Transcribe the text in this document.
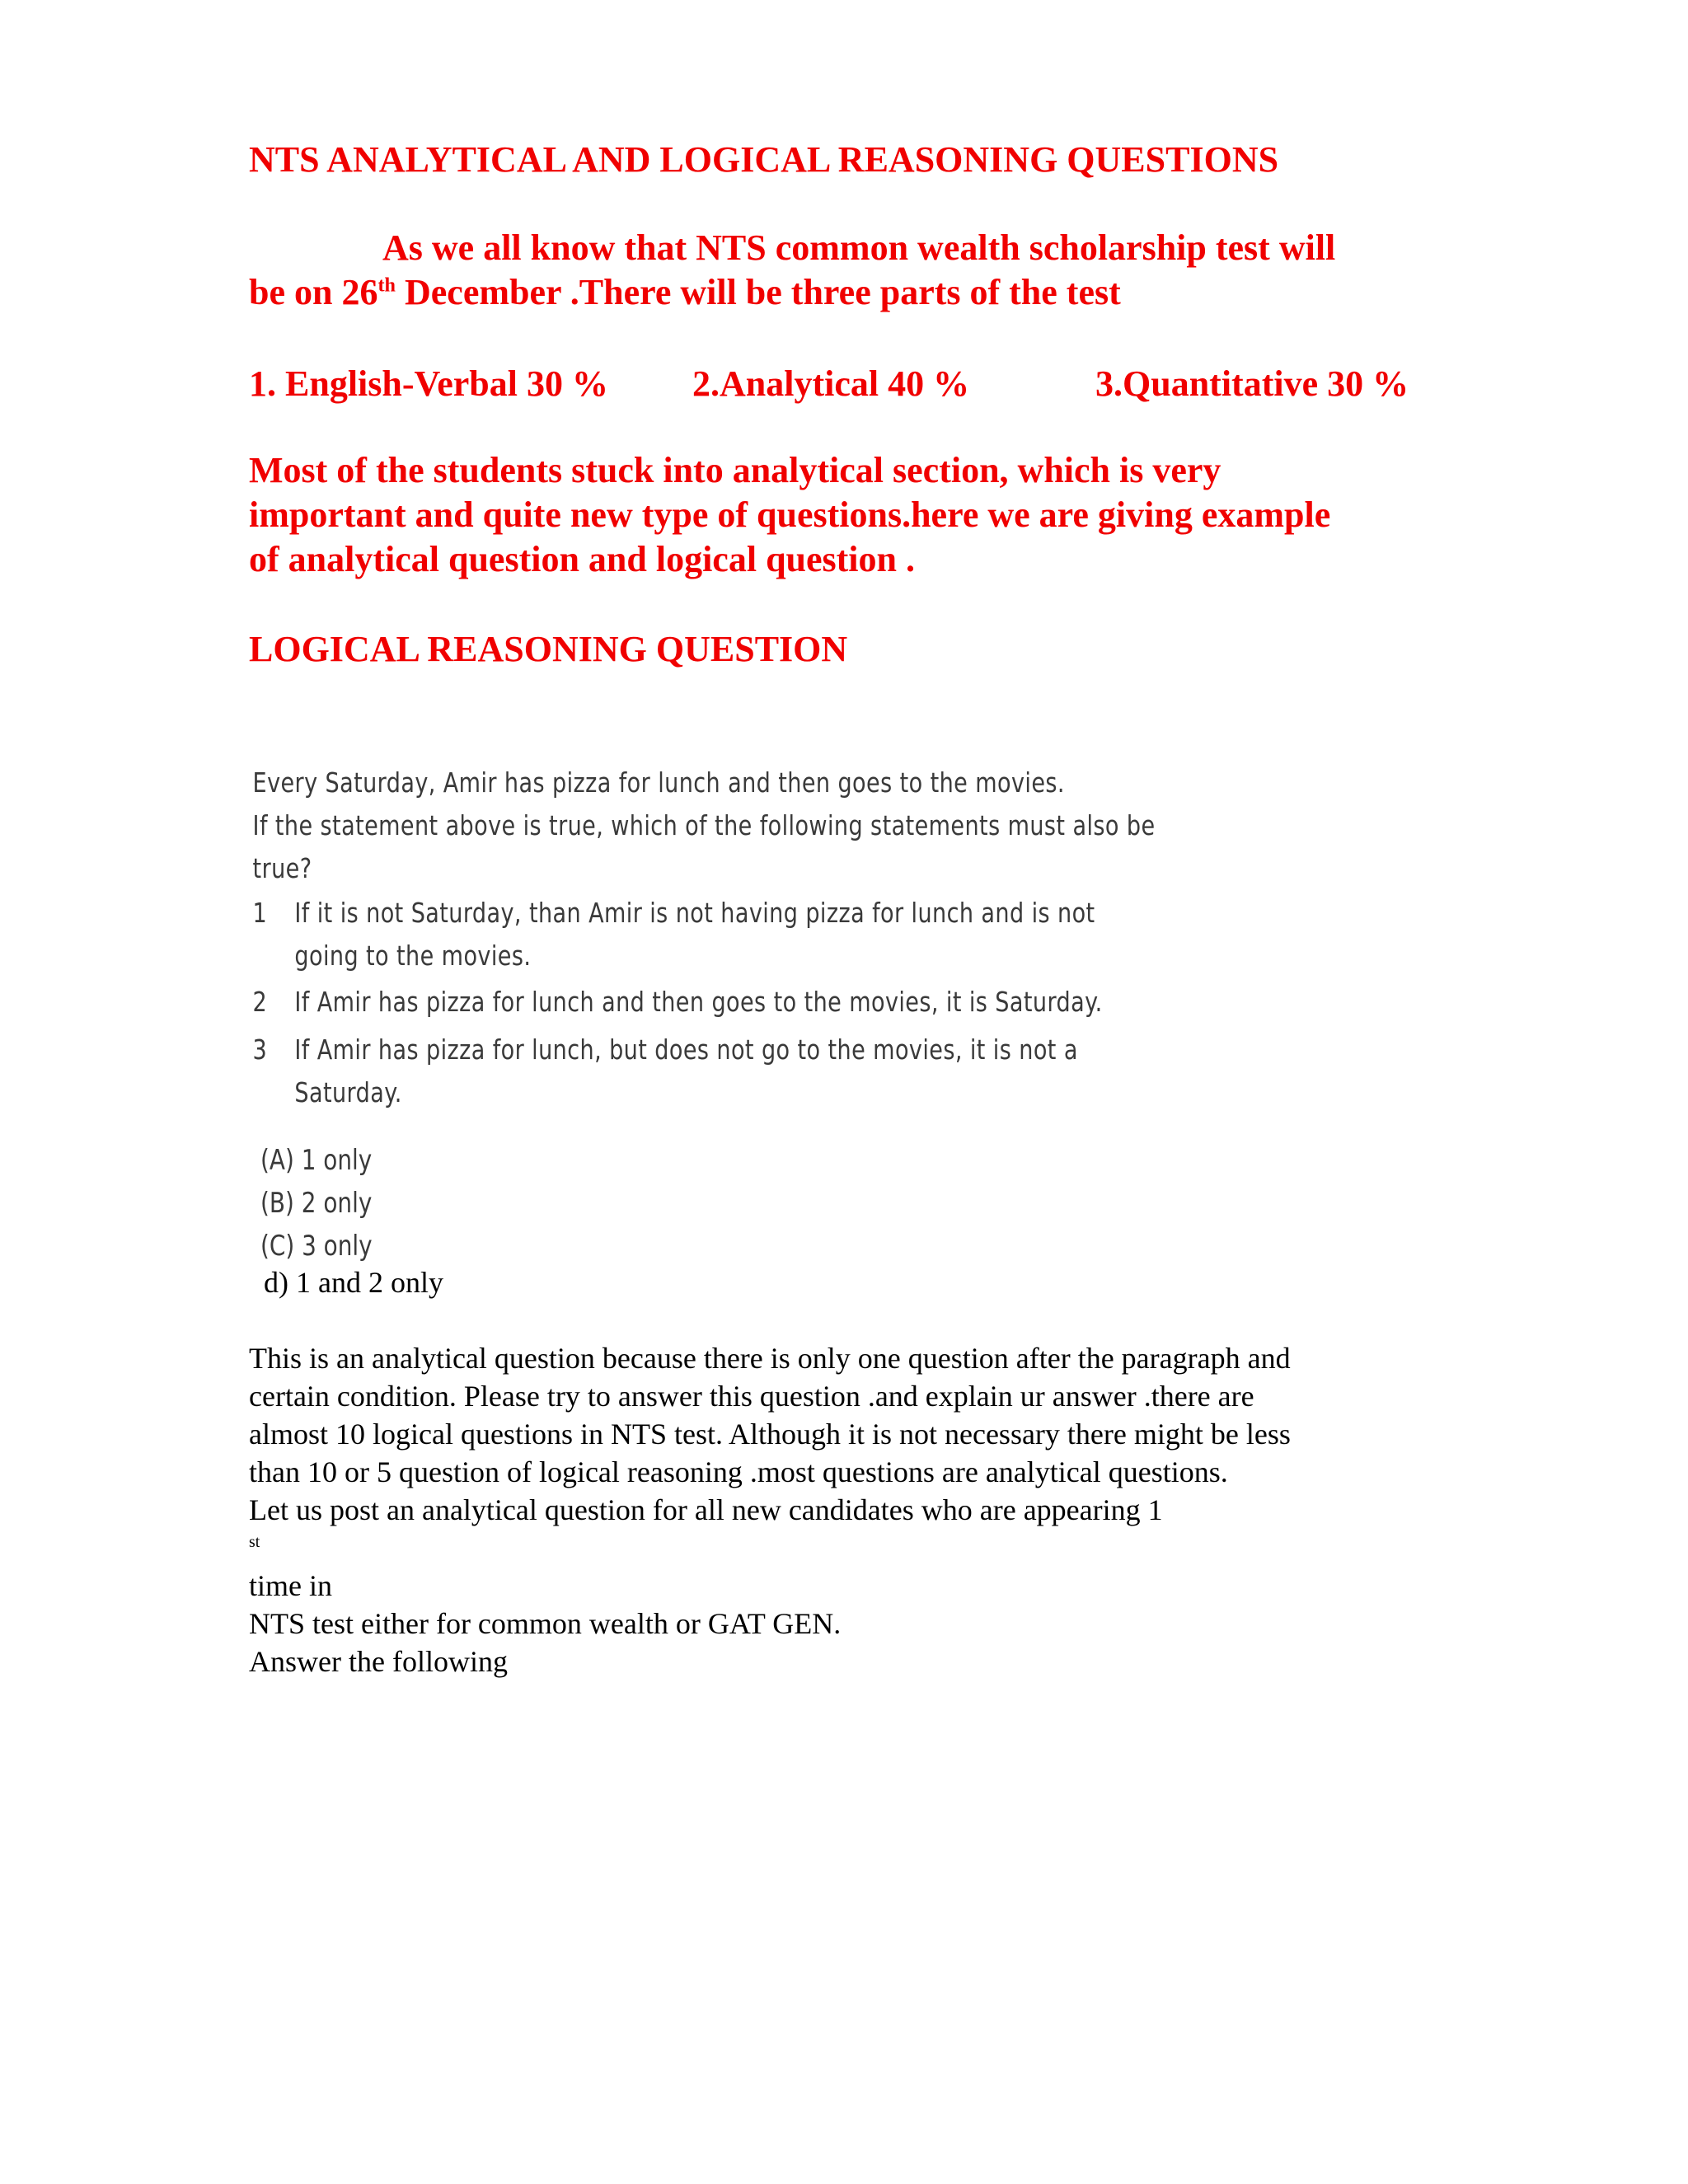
NTS ANALYTICAL AND LOGICAL REASONING QUESTIONS
As we all know that NTS common wealth scholarship test will
be on 26th December .There will be three parts of the test
1. English-Verbal 30 % 2.Analytical 40 %	3.Quantitative 30 %
Most of the students stuck into analytical section, which is very
important and quite new type of questions.here we are giving example
of analytical question and logical question .
LOGICAL REASONING QUESTION
Every Saturday, Amir has pizza for lunch and then goes to the movies.
If the statement above is true, which of the following statements must also be
true?
1 If it is not Saturday, than Amir is not having pizza for lunch and is not
going to the movies.
2 If Amir has pizza for lunch and then goes to the movies, it is Saturday.
3 If Amir has pizza for lunch, but does not go to the movies, it is not a
Saturday.
(A) 1 only
(B) 2 only
(C) 3 only
d) 1 and 2 only
This is an analytical question because there is only one question after the paragraph and
certain condition. Please try to answer this question .and explain ur answer .there are
almost 10 logical questions in NTS test. Although it is not necessary there might be less
than 10 or 5 question of logical reasoning .most questions are analytical questions.
Let us post an analytical question for all new candidates who are appearing 1
$^{st}$
time in
NTS test either for common wealth or GAT GEN.
Answer the following
